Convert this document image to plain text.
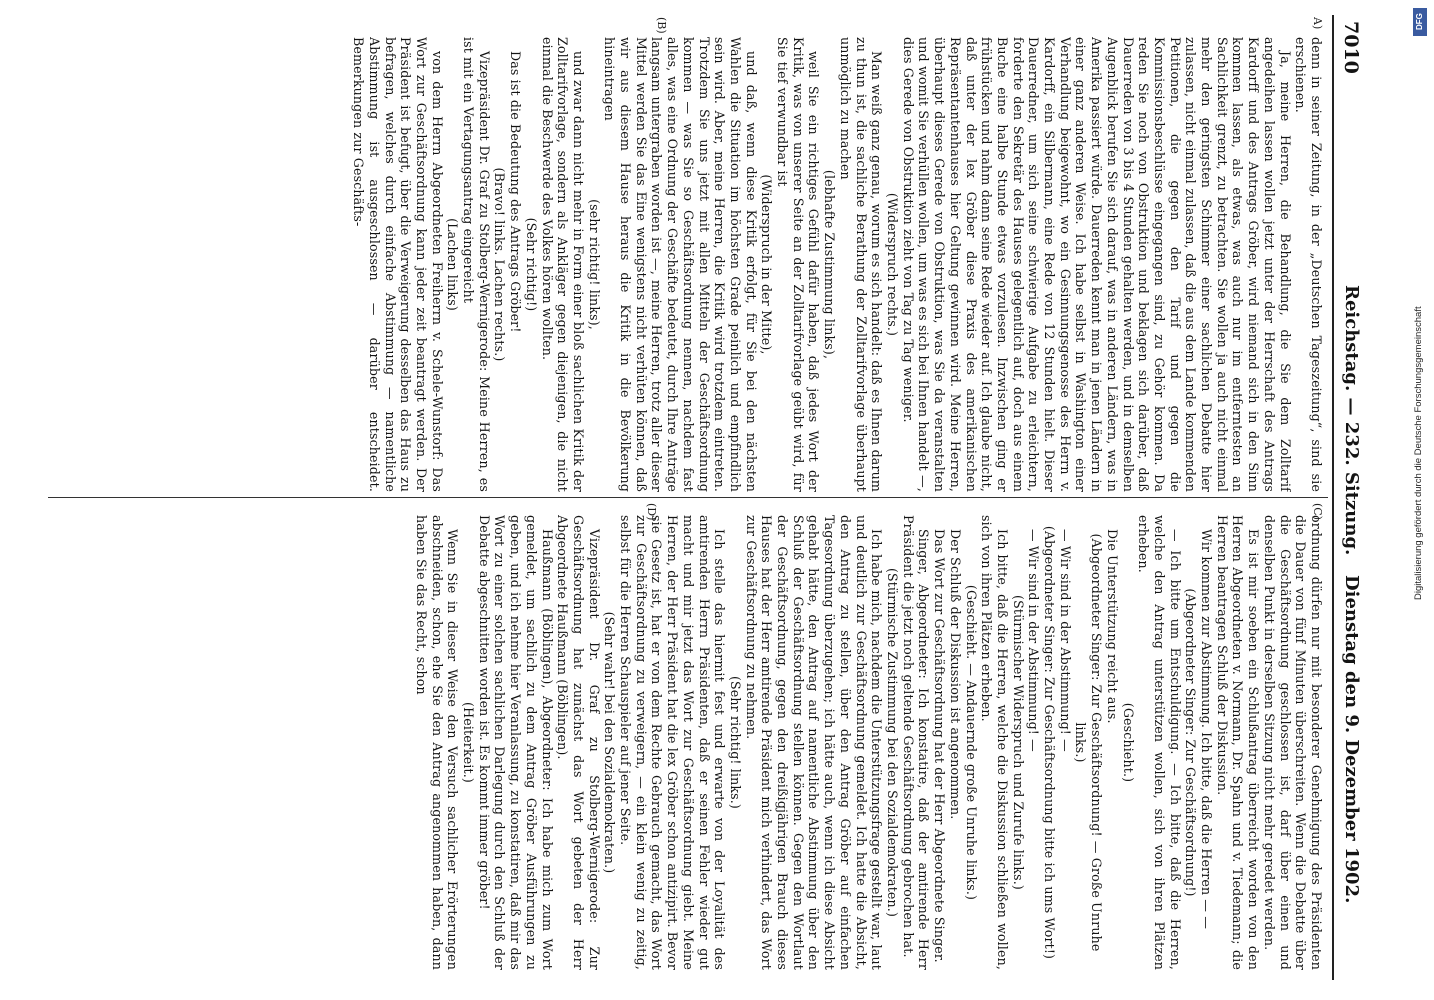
7010
Reichstag. — 232. Sitzung.
Dienstag den 9. Dezember 1902.
A)
(B)
(C)
(D)

denn in seiner Zeitung, in der „Deutschen Tageszeitung“, sind sie erschienen.

Ja, meine Herren, die Behandlung, die Sie dem Zolltarif angedeihen lassen wollen jetzt unter der Herrschaft des Antrags Kardorff und des Antrags Gröber, wird niemand sich in den Sinn kommen lassen, als etwas, was auch nur im entferntesten an Sachlichkeit grenzt, zu betrachten. Sie wollen ja auch nicht einmal mehr den geringsten Schimmer einer sachlichen Debatte hier zulassen, nicht einmal zulassen, daß die aus dem Lande kommenden Petitionen, die gegen den Tarif und gegen die Kommissionsbeschlüsse eingegangen sind, zu Gehör kommen. Da reden Sie noch von Obstruktion und beklagen sich darüber, daß Dauerreden von 3 bis 4 Stunden gehalten werden, und in demselben Augenblick berufen Sie sich darauf, was in anderen Ländern, was in Amerika passiert würde. Dauerreden kennt man in jenen Ländern in einer ganz anderen Weise. Ich habe selbst in Washington einer Verhandlung beigewohnt, wo ein Gesinnungsgenosse des Herrn v. Kardorff, ein Silbermann, eine Rede von 12 Stunden hielt. Dieser Dauerredner, um sich seine schwierige Aufgabe zu erleichtern, forderte den Sekretär des Hauses gelegentlich auf, doch aus einem Buche eine halbe Stunde etwas vorzulesen. Inzwischen ging er frühstücken und nahm dann seine Rede wieder auf. Ich glaube nicht, daß unter der lex Gröber diese Praxis des amerikanischen Repräsentantenhauses hier Geltung gewinnen wird. Meine Herren, überhaupt dieses Gerede von Obstruktion, was Sie da veranstalten und womit Sie verhüllen wollen, um was es sich bei Ihnen handelt —, dies Gerede von Obstruktion zieht von Tag zu Tag weniger.

(Widerspruch rechts.)

Man weiß ganz genau, worum es sich handelt: daß es Ihnen darum zu thun ist, die sachliche Berathung der Zolltarifvorlage überhaupt unmöglich zu machen

(lebhafte Zustimmung links),

weil Sie ein richtiges Gefühl dafür haben, daß jedes Wort der Kritik, was von unserer Seite an der Zolltarifvorlage geübt wird, für Sie tief verwundbar ist

(Widerspruch in der Mitte),

und daß, wenn diese Kritik erfolgt, für Sie bei den nächsten Wahlen die Situation im höchsten Grade peinlich und empfindlich sein wird. Aber, meine Herren, die Kritik wird trotzdem eintreten. Trotzdem Sie uns jetzt mit allen Mitteln der Geschäftsordnung kommen — was Sie so Geschäftsordnung nennen, nachdem fast alles, was eine Ordnung der Geschäfte bedeutet, durch Ihre Anträge langsam untergraben worden ist —, meine Herren, trotz aller dieser Mittel werden Sie das Eine wenigstens nicht verhüten können, daß wir aus diesem Hause heraus die Kritik in die Bevölkerung hineintragen

(sehr richtig! links),

und zwar dann nicht mehr in Form einer bloß sachlichen Kritik der Zolltarifvorlage, sondern als Ankläger gegen diejenigen, die nicht einmal die Beschwerde des Volkes hören wollten.

(Sehr richtig!)

Das ist die Bedeutung des Antrags Gröber!

(Bravo! links. Lachen rechts.)

Vizepräsident Dr. Graf zu Stolberg-Wernigerode: Meine Herren, es ist mit ein Vertagungsantrag eingereicht

(Lachen links)

von dem Herrn Abgeordneten Freiherrn v. Schele-Wunstorf: Das Wort zur Geschäftsordnung kann jeder zeit beantragt werden. Der Präsident ist befugt, über die Verweigerung desselben das Haus zu befragen, welches durch einfache Abstimmung — namentliche Abstimmung ist ausgeschlossen — darüber entscheidet. Bemerkungen zur Geschäfts-

ordnung dürfen nur mit besonderer Genehmigung des Präsidenten die Dauer von fünf Minuten überschreiten. Wenn die Debatte über die Geschäftsordnung geschlossen ist, darf über einen und denselben Punkt in derselben Sitzung nicht mehr geredet werden.

Es ist mir soeben ein Schlußantrag überreicht worden von den Herren Abgeordneten v. Normann, Dr. Spahn und v. Tiedemann; die Herren beantragen Schluß der Diskussion.

Wir kommen zur Abstimmung. Ich bitte, daß die Herren — —

(Abgeordneter Singer: Zur Geschäftsordnung!)

— Ich bitte um Entschuldigung. — Ich bitte, daß die Herren, welche den Antrag unterstützen wollen, sich von ihren Plätzen erheben.

(Geschieht.)

Die Unterstützung reicht aus.

(Abgeordneter Singer: Zur Geschäftsordnung! — Große Unruhe links.)

— Wir sind in der Abstimmung! —

(Abgeordneter Singer: Zur Geschäftsordnung bitte ich ums Wort!)

— Wir sind in der Abstimmung! —

(Stürmischer Widerspruch und Zurufe links.)

Ich bitte, daß die Herren, welche die Diskussion schließen wollen, sich von ihren Plätzen erheben.

(Geschieht. — Andauernde große Unruhe links.)

Der Schluß der Diskussion ist angenommen.

Das Wort zur Geschäftsordnung hat der Herr Abgeordnete Singer.

Singer, Abgeordneter: Ich konstatire, daß der amtirende Herr Präsident die jetzt noch geltende Geschäftsordnung gebrochen hat.

(Stürmische Zustimmung bei den Sozialdemokraten.)

Ich habe mich, nachdem die Unterstützungsfrage gestellt war, laut und deutlich zur Geschäftsordnung gemeldet. Ich hatte die Absicht, den Antrag zu stellen, über den Antrag Gröber auf einfachen Tagesordnung überzugehen; ich hätte auch, wenn ich diese Absicht gehabt hätte, den Antrag auf namentliche Abstimmung über den Schluß der Geschäftsordnung stellen können. Gegen den Wortlaut der Geschäftsordnung, gegen den dreißigjährigen Brauch dieses Hauses hat der Herr amtirende Präsident mich verhindert, das Wort zur Geschäftsordnung zu nehmen.

(Sehr richtig! links.)

Ich stelle das hiermit fest und erwarte von der Loyalität des amtirenden Herrn Präsidenten, daß er seinen Fehler wieder gut macht und mir jetzt das Wort zur Geschäftsordnung giebt. Meine Herren, der Herr Präsident hat die lex Gröber schon antizipirt. Bevor sie Gesetz ist, hat er von dem Rechte Gebrauch gemacht, das Wort zur Geschäftsordnung zu verweigern, — ein klein wenig zu zeitig, selbst für die Herren Schauspieler auf jener Seite.

(Sehr wahr! bei den Sozialdemokraten.)

Vizepräsident Dr. Graf zu Stolberg-Wernigerode: Zur Geschäftsordnung hat zunächst das Wort gebeten der Herr Abgeordnete Haußmann (Böblingen).

Haußmann (Böblingen), Abgeordneter: Ich habe mich zum Wort gemeldet, um sachlich zu dem Antrag Gröber Ausführungen zu geben, und ich nehme hier Veranlassung, zu konstatiren, daß mir das Wort zu einer solchen sachlichen Darlegung durch den Schluß der Debatte abgeschnitten worden ist. Es kommt immer gröber!

(Heiterkeit.)

Wenn Sie in dieser Weise den Versuch sachlicher Erörterungen abschneiden, schon, ehe Sie den Antrag angenommen haben, dann haben Sie das Recht, schon

DFG
Digitalisierung gefördert durch die Deutsche Forschungsgemeinschaft
